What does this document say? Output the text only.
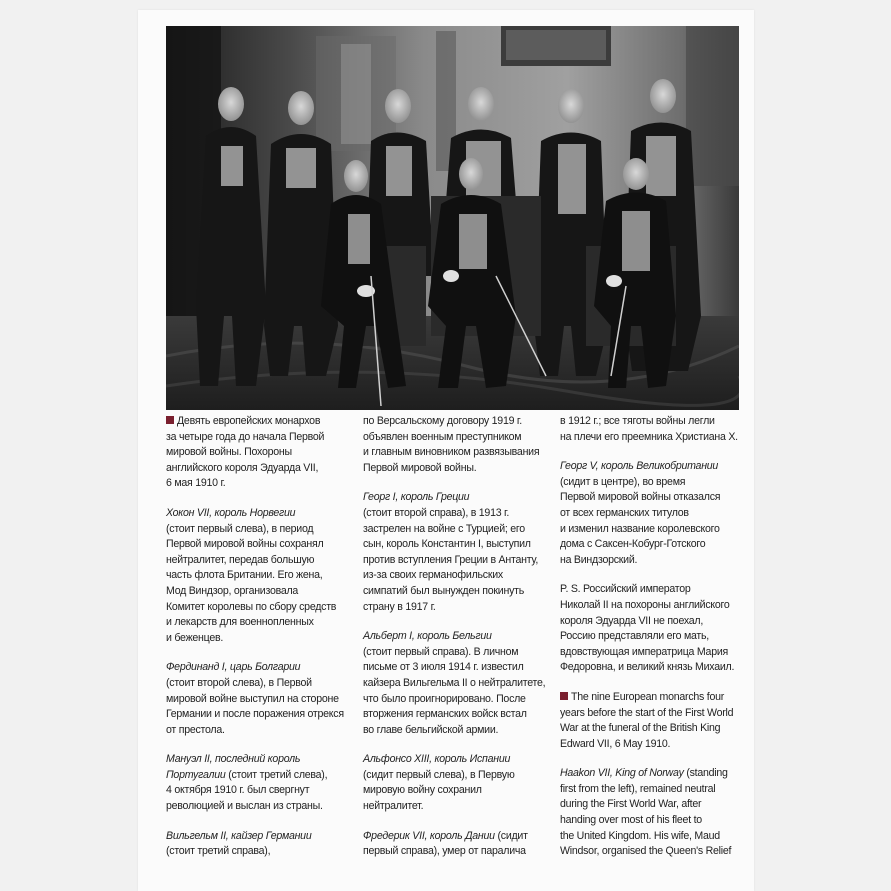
Девять европейских монархов
за четыре года до начала Первой
мировой войны. Похороны
английского короля Эдуарда VII,
6 мая 1910 г.

Хокон VII, король Норвегии
(стоит первый слева), в период
Первой мировой войны сохранял
нейтралитет, передав большую
часть флота Британии. Его жена,
Мод Виндзор, организовала
Комитет королевы по сбору средств
и лекарств для военнопленных
и беженцев.

Фердинанд I, царь Болгарии
(стоит второй слева), в Первой
мировой войне выступил на стороне
Германии и после поражения отрекся
от престола.

Мануэл II, последний король
Португалии (стоит третий слева),
4 октября 1910 г. был свергнут
революцией и выслан из страны.

Вильгельм II, кайзер Германии
(стоит третий справа),

по Версальскому договору 1919 г.
объявлен военным преступником
и главным виновником развязывания
Первой мировой войны.

Георг I, король Греции
(стоит второй справа), в 1913 г.
застрелен на войне с Турцией; его
сын, король Константин I, выступил
против вступления Греции в Антанту,
из-за своих германофильских
симпатий был вынужден покинуть
страну в 1917 г.

Альберт I, король Бельгии
(стоит первый справа). В личном
письме от 3 июля 1914 г. известил
кайзера Вильгельма II о нейтралитете,
что было проигнорировано. После
вторжения германских войск встал
во главе бельгийской армии.

Альфонсо XIII, король Испании
(сидит первый слева), в Первую
мировую войну сохранил
нейтралитет.

Фредерик VII, король Дании (сидит
первый справа), умер от паралича

в 1912 г.; все тяготы войны легли
на плечи его преемника Христиана X.

Георг V, король Великобритании
(сидит в центре), во время
Первой мировой войны отказался
от всех германских титулов
и изменил название королевского
дома с Саксен-Кобург-Готского
на Виндзорский.

P. S. Российский император
Николай II на похороны английского
короля Эдуарда VII не поехал,
Россию представляли его мать,
вдовствующая императрица Мария
Федоровна, и великий князь Михаил.

The nine European monarchs four
years before the start of the First World
War at the funeral of the British King
Edward VII, 6 May 1910.

Haakon VII, King of Norway (standing
first from the left), remained neutral
during the First World War, after
handing over most of his fleet to
the United Kingdom. His wife, Maud
Windsor, organised the Queen's Relief
